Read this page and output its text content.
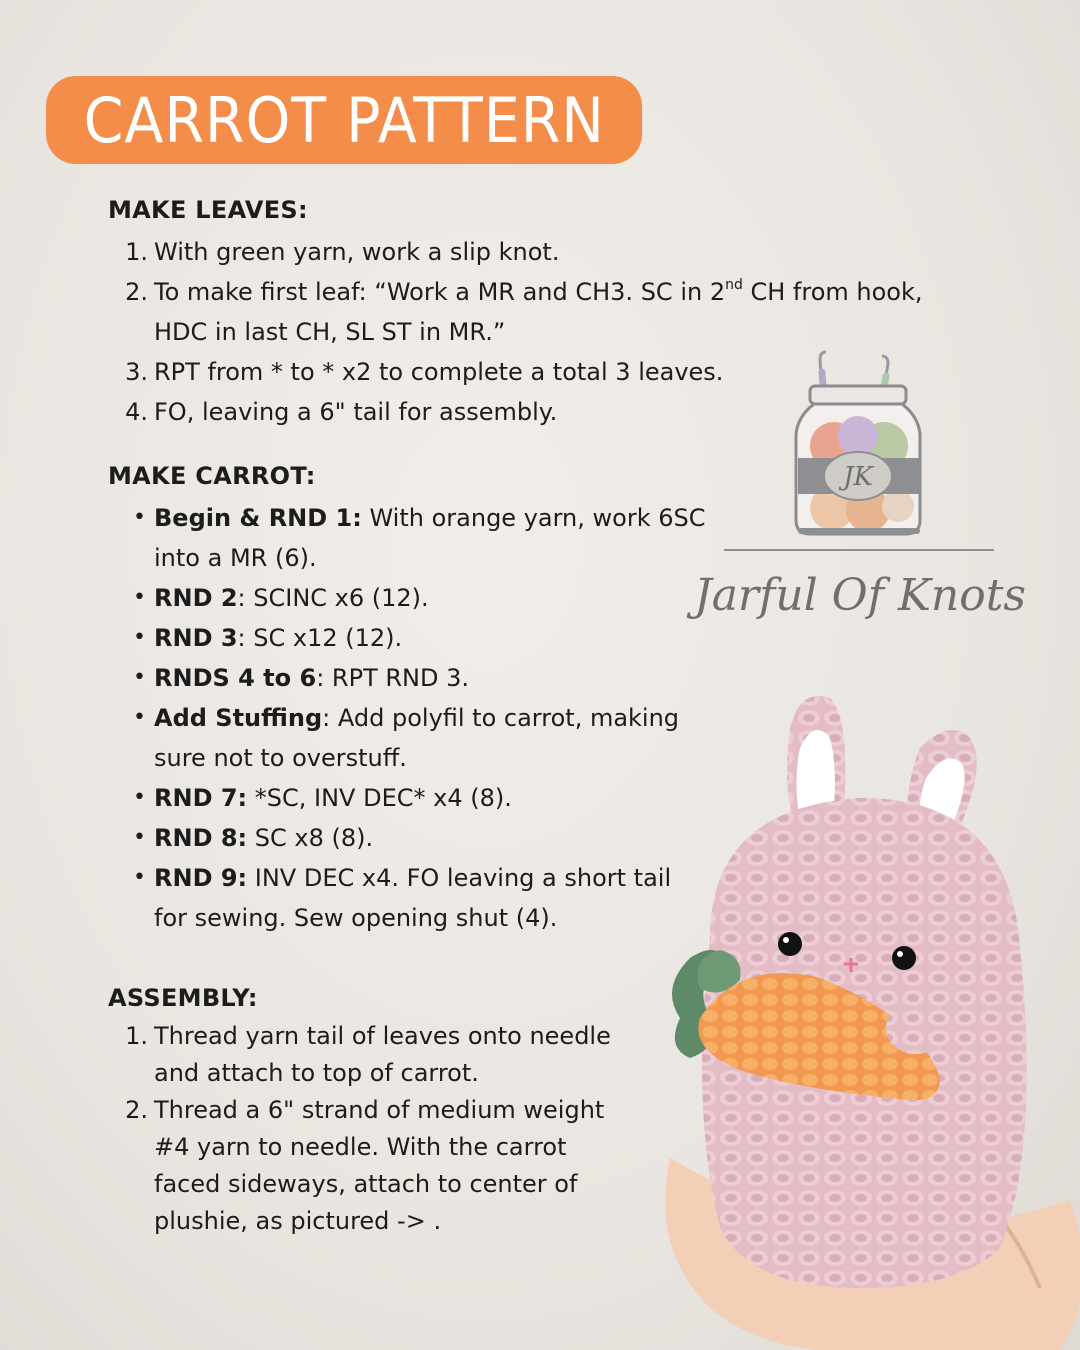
CARROT PATTERN
MAKE LEAVES:
1. With green yarn, work a slip knot.
2. To make first leaf: “Work a MR and CH3. SC in 2nd CH from hook,
HDC in last CH, SL ST in MR.”
3. RPT from * to * x2 to complete a total 3 leaves.
4. FO, leaving a 6" tail for assembly.
MAKE CARROT:
• Begin & RND 1: With orange yarn, work 6SC
into a MR (6).
• RND 2: SCINC x6 (12).
• RND 3: SC x12 (12).
• RNDS 4 to 6: RPT RND 3.
• Add Stuffing: Add polyfil to carrot, making
sure not to overstuff.
• RND 7: *SC, INV DEC* x4 (8).
• RND 8: SC x8 (8).
• RND 9: INV DEC x4. FO leaving a short tail
for sewing. Sew opening shut (4).
ASSEMBLY:
1. Thread yarn tail of leaves onto needle
and attach to top of carrot.
2. Thread a 6" strand of medium weight
#4 yarn to needle. With the carrot
faced sideways, attach to center of
plushie, as pictured -> .
JK
Jarful Of Knots
